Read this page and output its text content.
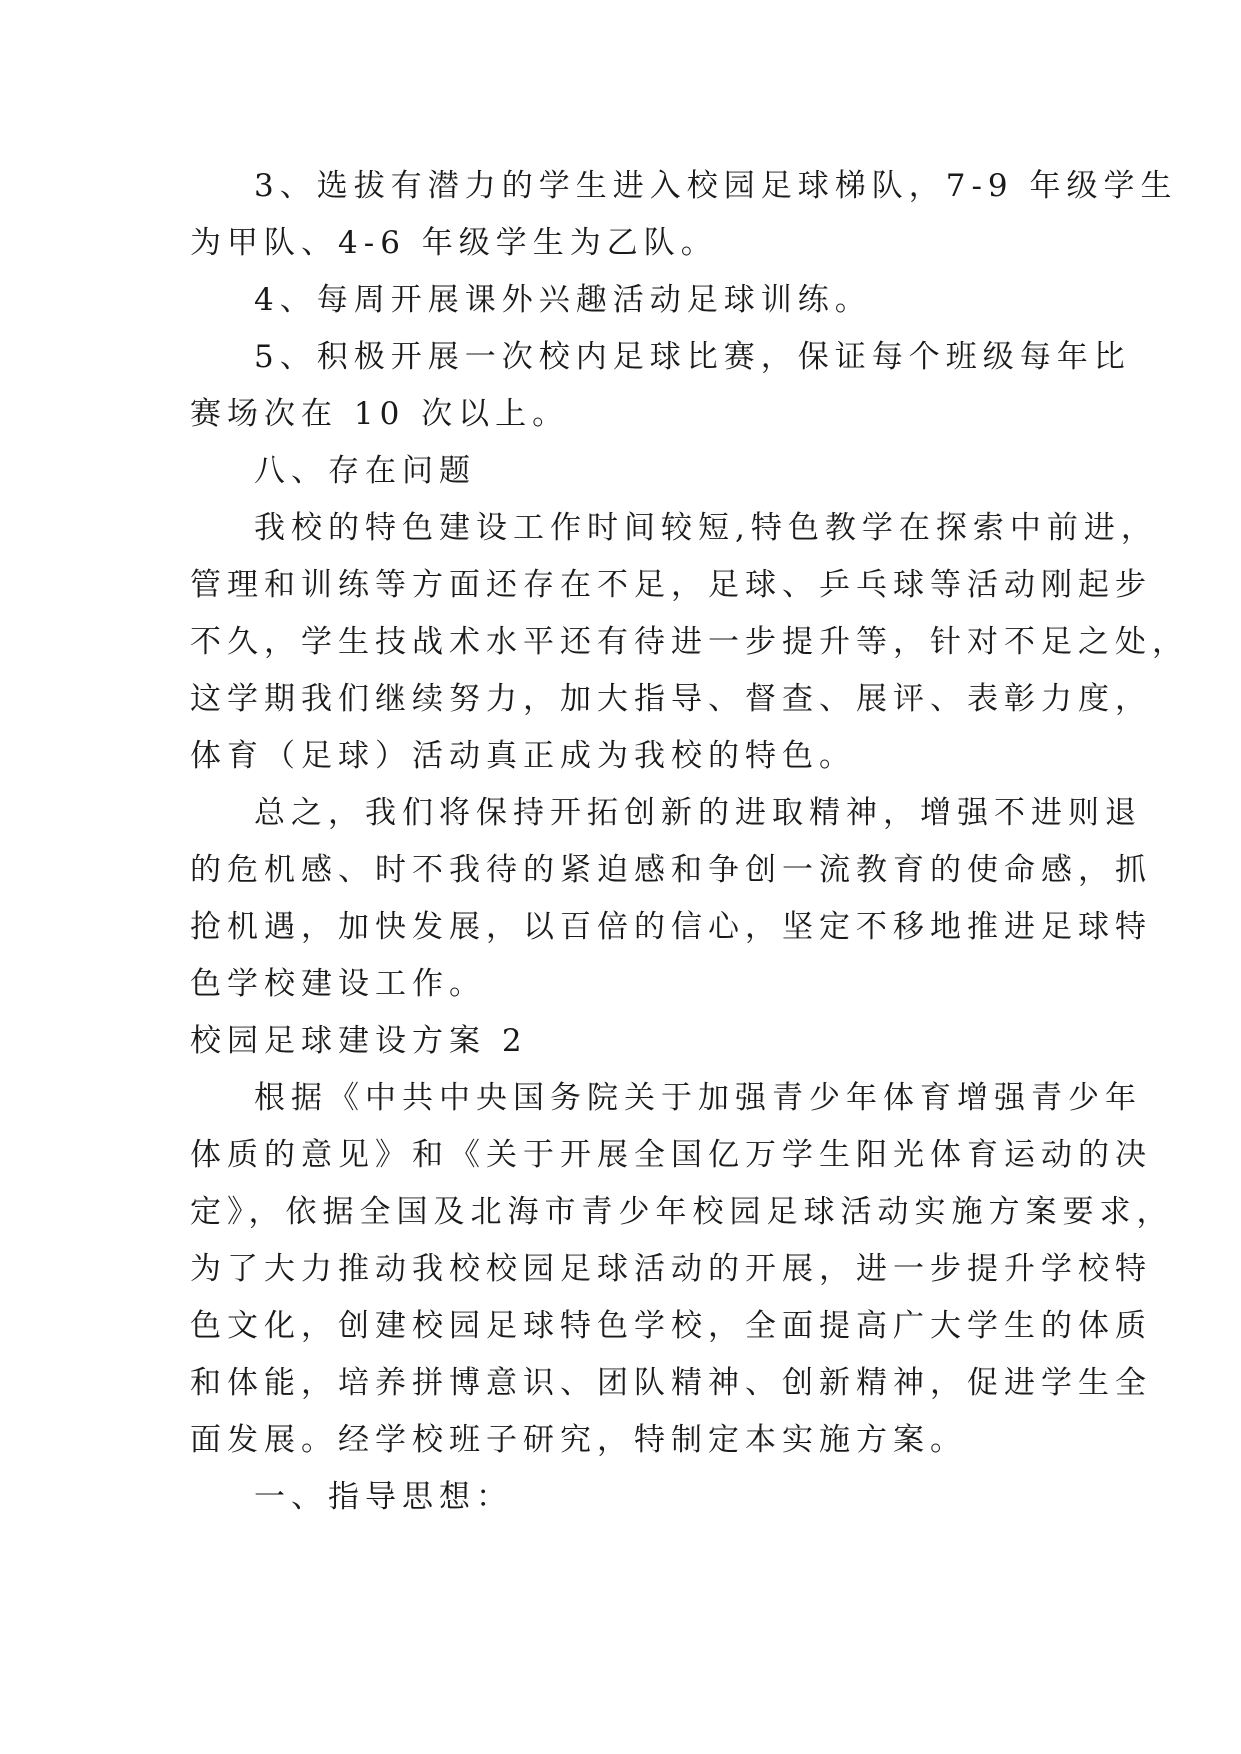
3、选拔有潜力的学生进入校园足球梯队，7-9 年级学生
为甲队、4-6 年级学生为乙队。
4、每周开展课外兴趣活动足球训练。
5、积极开展一次校内足球比赛，保证每个班级每年比
赛场次在 10 次以上。
八、存在问题
我校的特色建设工作时间较短,特色教学在探索中前进，
管理和训练等方面还存在不足，足球、乒乓球等活动刚起步
不久，学生技战术水平还有待进一步提升等，针对不足之处，
这学期我们继续努力，加大指导、督查、展评、表彰力度，
体育（足球）活动真正成为我校的特色。
总之，我们将保持开拓创新的进取精神，增强不进则退
的危机感、时不我待的紧迫感和争创一流教育的使命感，抓
抢机遇，加快发展，以百倍的信心，坚定不移地推进足球特
色学校建设工作。
校园足球建设方案 2
根据《中共中央国务院关于加强青少年体育增强青少年
体质的意见》和《关于开展全国亿万学生阳光体育运动的决
定》，依据全国及北海市青少年校园足球活动实施方案要求，
为了大力推动我校校园足球活动的开展，进一步提升学校特
色文化，创建校园足球特色学校，全面提高广大学生的体质
和体能，培养拼博意识、团队精神、创新精神，促进学生全
面发展。经学校班子研究，特制定本实施方案。
一、指导思想：
